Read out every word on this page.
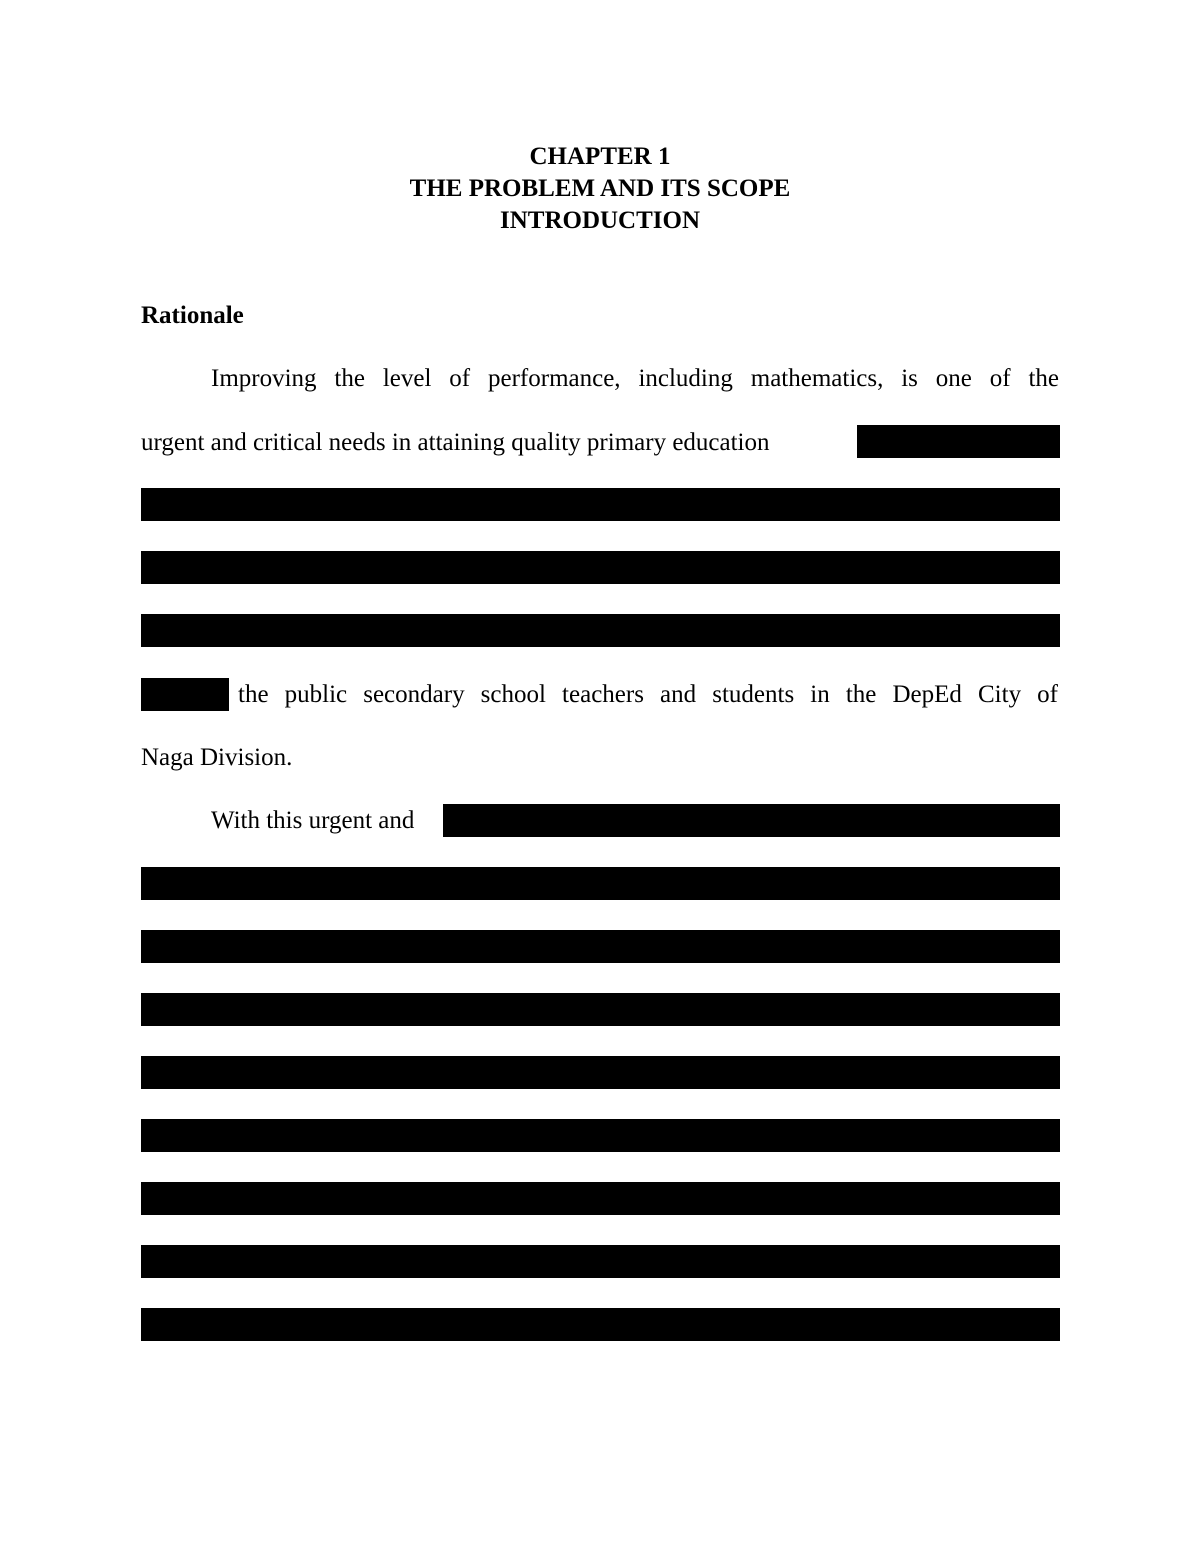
CHAPTER 1
THE PROBLEM AND ITS SCOPE
INTRODUCTION
Rationale
Improving the level of performance, including mathematics, is one of the
urgent and critical needs in attaining quality primary education
the public secondary school teachers and students in the DepEd City of
Naga Division.
With this urgent and
